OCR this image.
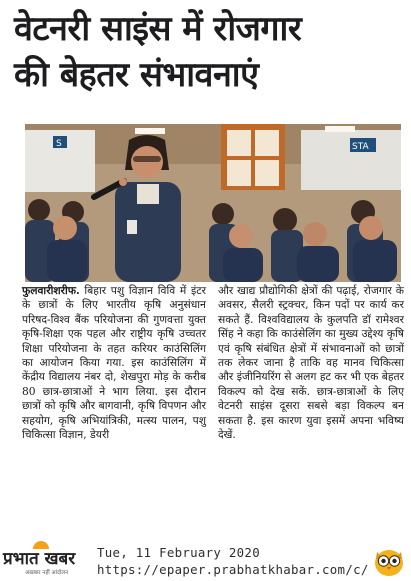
वेटनरी साइंस में रोजगार
की बेहतर संभावनाएं
S	STA

फुलवारीशरीफ. बिहार पशु विज्ञान विवि में इंटर के छात्रों के लिए भारतीय कृषि अनुसंधान परिषद-विश्व बैंक परियोजना की गुणवत्ता युक्त कृषि-शिक्षा एक पहल और राष्ट्रीय कृषि उच्चतर शिक्षा परियोजना के तहत करियर काउंसिलिंग का आयोजन किया गया. इस काउंसिलिंग में केंद्रीय विद्यालय नंबर दो, शेखपुरा मोड़ के करीब 80 छात्र-छात्राओं ने भाग लिया. इस दौरान छात्रों को कृषि और बागवानी, कृषि विपणन और सहयोग, कृषि अभियांत्रिकी, मत्स्य पालन, पशु चिकित्सा विज्ञान, डेयरी

और खाद्य प्रौद्योगिकी क्षेत्रों की पढ़ाई, रोजगार के अवसर, सैलरी स्ट्रक्चर, किन पदों पर कार्य कर सकते हैं. विश्वविद्यालय के कुलपति डॉ रामेश्वर सिंह ने कहा कि काउंसेलिंग का मुख्य उद्देश्य कृषि एवं कृषि संबंधित क्षेत्रों में संभावनाओं को छात्रों तक लेकर जाना है ताकि वह मानव चिकित्सा और इंजीनियरिंग से अलग हट कर भी एक बेहतर विकल्प को देख सकें. छात्र-छात्राओं के लिए वेटनरी साइंस दूसरा सबसे बड़ा विकल्प बन सकता है. इस कारण युवा इसमें अपना भविष्य देखें.

प्रभात खबर
अखबार नहीं आंदोलन
Tue, 11 February 2020
https://epaper.prabhatkhabar.com/c/
